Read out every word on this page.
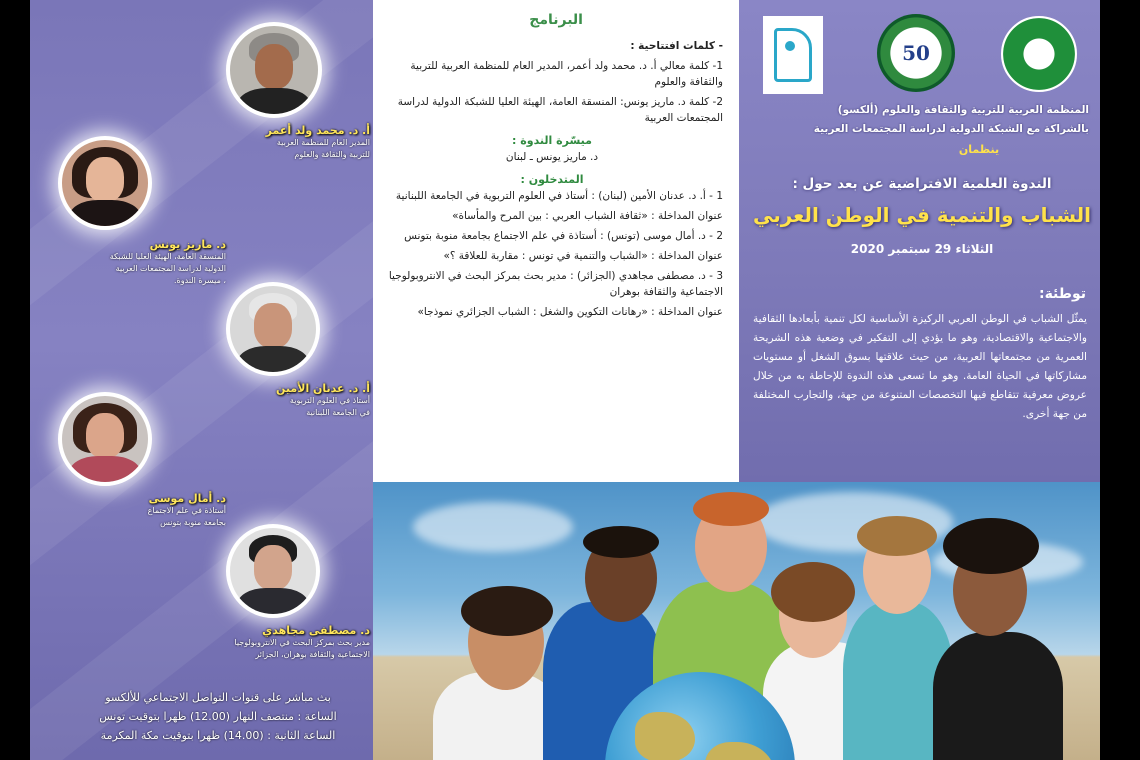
أ. د. محمد ولد أعمر
المدير العام للمنظمة العربية
للتربية والثقافة والعلوم
د. ماريز يونس
المنسقة العامة، الهيئة العليا للشبكة
الدولية لدراسة المجتمعات العربية
، ميسرة الندوة.
أ. د. عدنان الأمين
أستاذ في العلوم التربوية
في الجامعة اللبنانية
د. أمال موسى
أستاذة في علم الاجتماع
بجامعة منوبة بتونس
د. مصطفى مجاهدي
مدير بحث بمركز البحث في الانتروبولوجيا
الاجتماعية والثقافة بوهران، الجزائر
بث مباشر على قنوات التواصل الاجتماعي للألكسو
الساعة : منتصف النهار (12.00) ظهرا بتوقيت تونس
الساعة الثانية : (14.00) ظهرا بتوقيت مكة المكرمة
البرنامج

- كلمات افتتاحية :

1- كلمة معالي أ. د. محمد ولد أعمر، المدير العام للمنظمة العربية للتربية والثقافة والعلوم

2- كلمة د. ماريز يونس: المنسقة العامة، الهيئة العليا للشبكة الدولية لدراسة المجتمعات العربية

ميسّرة الندوة :

د. ماريز يونس ـ لبنان

المتدخلون :

1 - أ. د. عدنان الأمين (لبنان) : أستاذ في العلوم التربوية في الجامعة اللبنانية

عنوان المداخلة : «ثقافة الشباب العربي : بين المرح والمأساة»

2 - د. أمال موسى (تونس) : أستاذة في علم الاجتماع بجامعة منوبة بتونس

عنوان المداخلة : «الشباب والتنمية في تونس : مقاربة للعلاقة ؟»

3 - د. مصطفى مجاهدي (الجزائر) : مدير بحث بمركز البحث في الانتروبولوجيا الاجتماعية والثقافة بوهران

عنوان المداخلة : «رهانات التكوين والشغل : الشباب الجزائري نموذجا»

50
المنظمة العربية للتربية والثقافة والعلوم (ألكسو)
بالشراكة مع الشبكة الدولية لدراسة المجتمعات العربية
ينظمان
الندوة العلمية الافتراضية عن بعد حول :
الشباب والتنمية في الوطن العربي
الثلاثاء 29 سبتمبر 2020
توطئة:
يمثّل الشباب في الوطن العربي الركيزة الأساسية لكل تنمية بأبعادها الثقافية والاجتماعية والاقتصادية، وهو ما يؤدي إلى التفكير في وضعية هذه الشريحة العمرية من مجتمعاتها العربية، من حيث علاقتها بسوق الشغل أو مستويات مشاركاتها في الحياة العامة. وهو ما تسعى هذه الندوة للإحاطة به من خلال عروض معرفية تتقاطع فيها التخصصات المتنوعة من جهة، والتجارب المختلفة من جهة أخرى.
